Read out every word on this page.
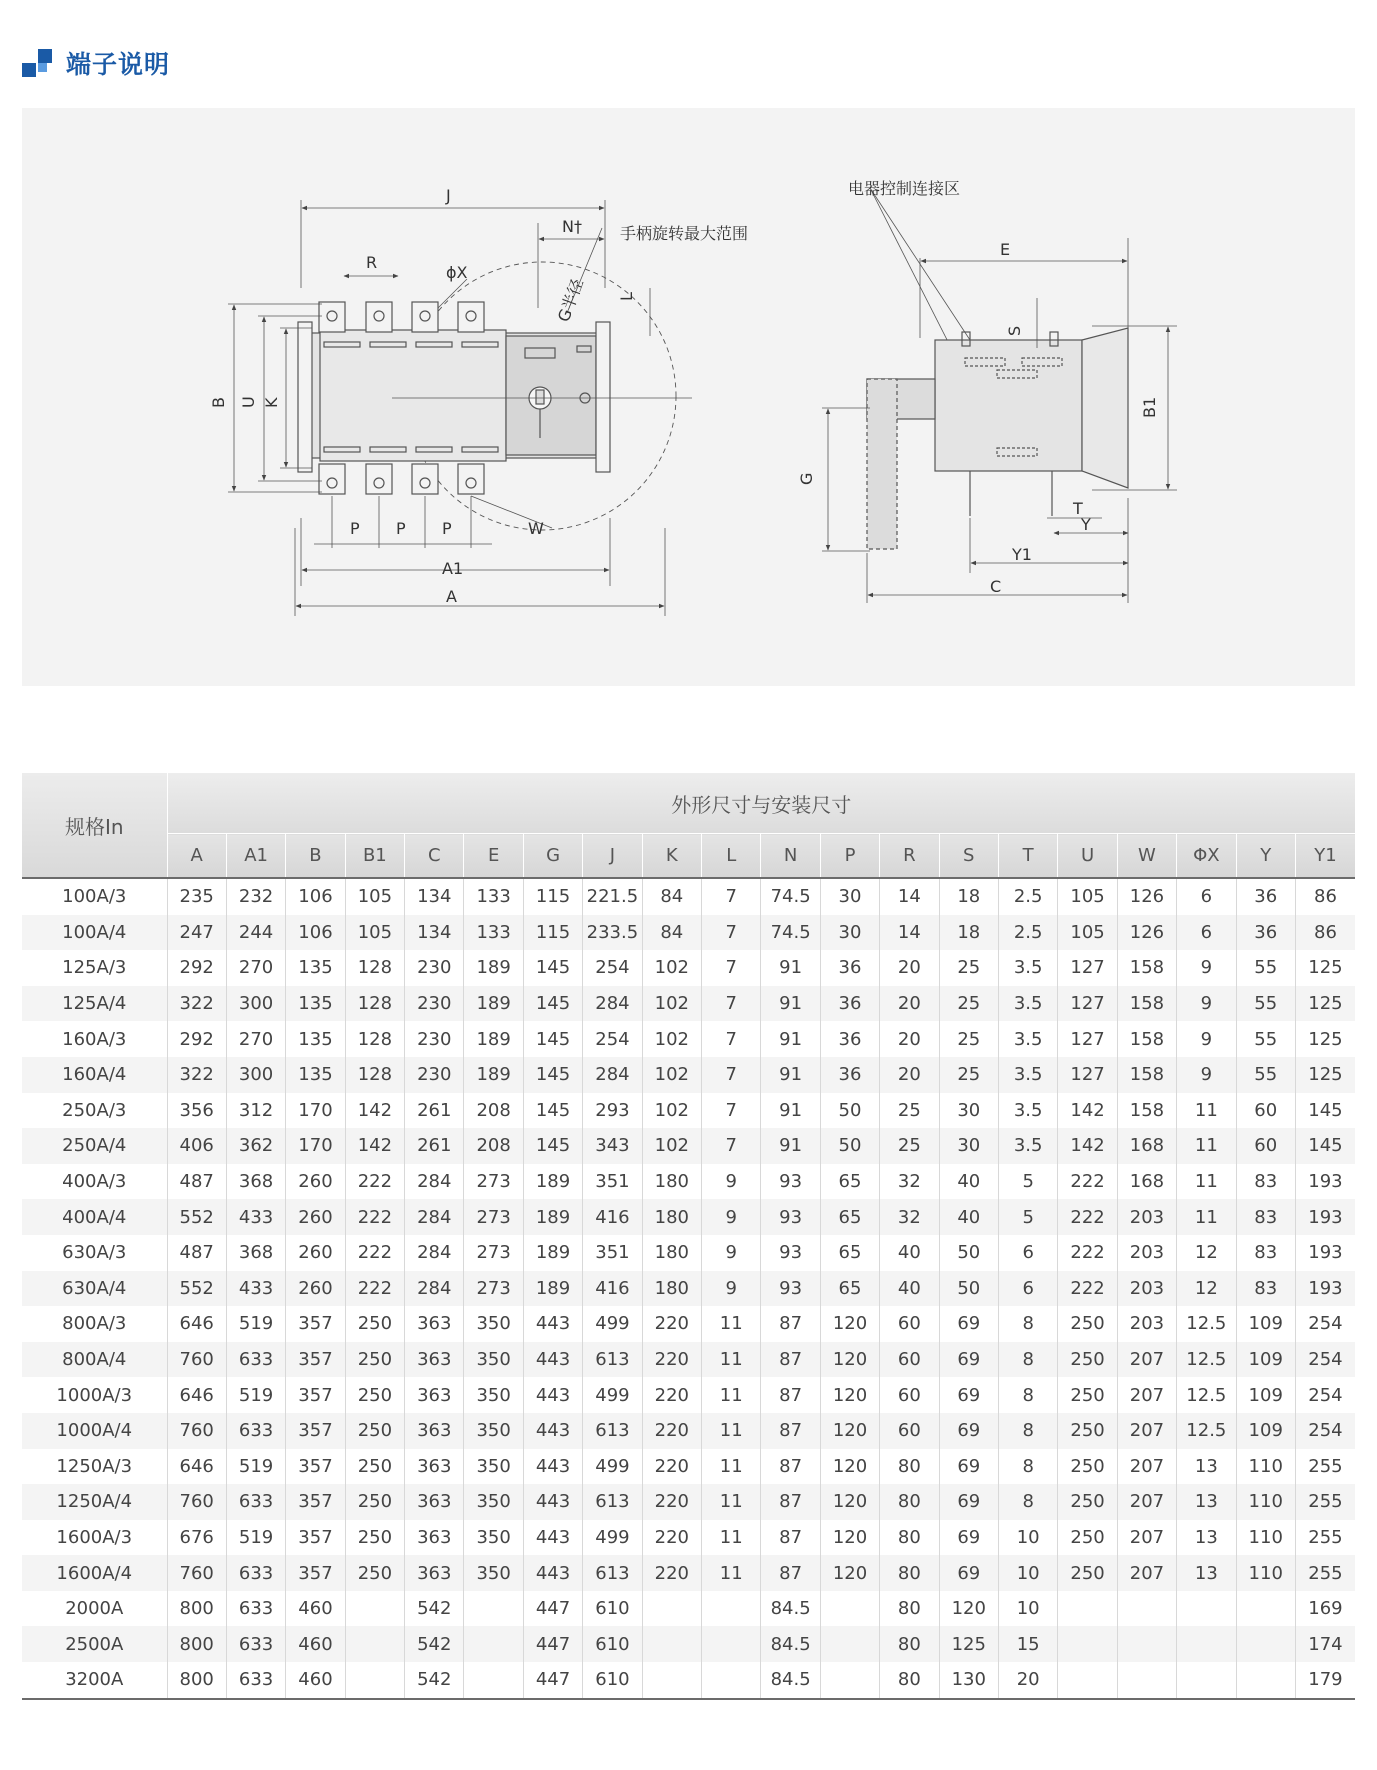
端子说明
J
N† 手柄旋转最大范围
R
ϕX
G半径 L
B U K
P P P	W
A1
A
电器控制连接区
E
S
B1
G
T
Y
Y1
C
规格In	外形尺寸与安装尺寸																			
	A	A1	B	B1	C	E	G	J	K	L	N	P	R	S	T	U	W	ΦX	Y	Y1
100A/3	235	232	106	105	134	133	115	221.5	84	7	74.5	30	14	18	2.5	105	126	6	36	86
100A/4	247	244	106	105	134	133	115	233.5	84	7	74.5	30	14	18	2.5	105	126	6	36	86
125A/3	292	270	135	128	230	189	145	254	102	7	91	36	20	25	3.5	127	158	9	55	125
125A/4	322	300	135	128	230	189	145	284	102	7	91	36	20	25	3.5	127	158	9	55	125
160A/3	292	270	135	128	230	189	145	254	102	7	91	36	20	25	3.5	127	158	9	55	125
160A/4	322	300	135	128	230	189	145	284	102	7	91	36	20	25	3.5	127	158	9	55	125
250A/3	356	312	170	142	261	208	145	293	102	7	91	50	25	30	3.5	142	158	11	60	145
250A/4	406	362	170	142	261	208	145	343	102	7	91	50	25	30	3.5	142	168	11	60	145
400A/3	487	368	260	222	284	273	189	351	180	9	93	65	32	40	5	222	168	11	83	193
400A/4	552	433	260	222	284	273	189	416	180	9	93	65	32	40	5	222	203	11	83	193
630A/3	487	368	260	222	284	273	189	351	180	9	93	65	40	50	6	222	203	12	83	193
630A/4	552	433	260	222	284	273	189	416	180	9	93	65	40	50	6	222	203	12	83	193
800A/3	646	519	357	250	363	350	443	499	220	11	87	120	60	69	8	250	203	12.5	109	254
800A/4	760	633	357	250	363	350	443	613	220	11	87	120	60	69	8	250	207	12.5	109	254
1000A/3	646	519	357	250	363	350	443	499	220	11	87	120	60	69	8	250	207	12.5	109	254
1000A/4	760	633	357	250	363	350	443	613	220	11	87	120	60	69	8	250	207	12.5	109	254
1250A/3	646	519	357	250	363	350	443	499	220	11	87	120	80	69	8	250	207	13	110	255
1250A/4	760	633	357	250	363	350	443	613	220	11	87	120	80	69	8	250	207	13	110	255
1600A/3	676	519	357	250	363	350	443	499	220	11	87	120	80	69	10	250	207	13	110	255
1600A/4	760	633	357	250	363	350	443	613	220	11	87	120	80	69	10	250	207	13	110	255
2000A	800	633	460		542		447	610			84.5		80	120	10					169
2500A	800	633	460		542		447	610			84.5		80	125	15					174
3200A	800	633	460		542		447	610			84.5		80	130	20					179
